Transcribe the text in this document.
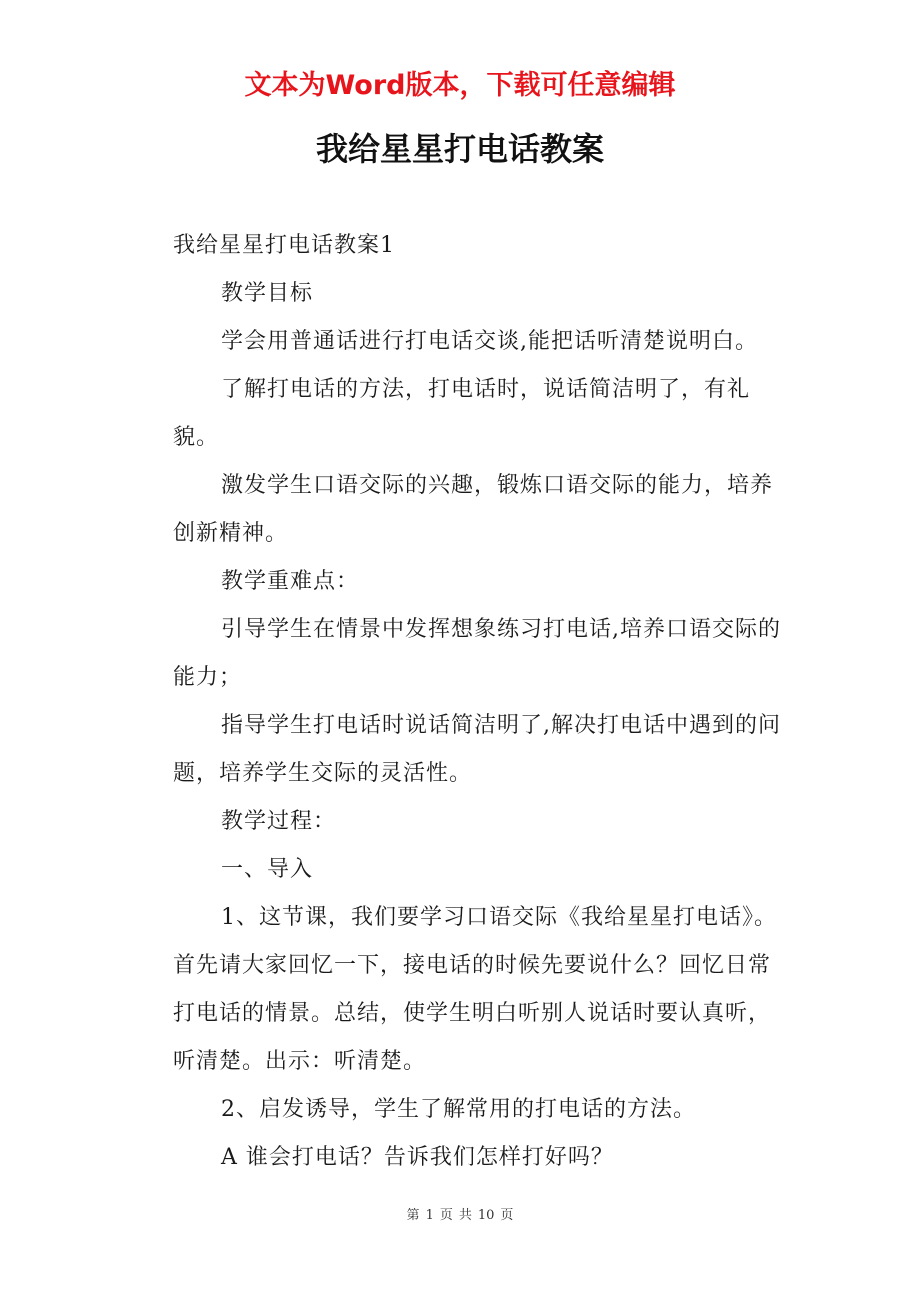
文本为Word版本，下载可任意编辑
我给星星打电话教案

我给星星打电话教案1

教学目标

学会用普通话进行打电话交谈,能把话听清楚说明白。

了解打电话的方法，打电话时，说话简洁明了，有礼貌。

激发学生口语交际的兴趣，锻炼口语交际的能力，培养创新精神。

教学重难点：

引导学生在情景中发挥想象练习打电话,培养口语交际的能力；

指导学生打电话时说话简洁明了,解决打电话中遇到的问题，培养学生交际的灵活性。

教学过程：

一、导入

1、这节课，我们要学习口语交际《我给星星打电话》。首先请大家回忆一下，接电话的时候先要说什么？回忆日常打电话的情景。总结，使学生明白听别人说话时要认真听，听清楚。出示：听清楚。

2、启发诱导，学生了解常用的打电话的方法。

A 谁会打电话？告诉我们怎样打好吗？

第 1 页 共 10 页
